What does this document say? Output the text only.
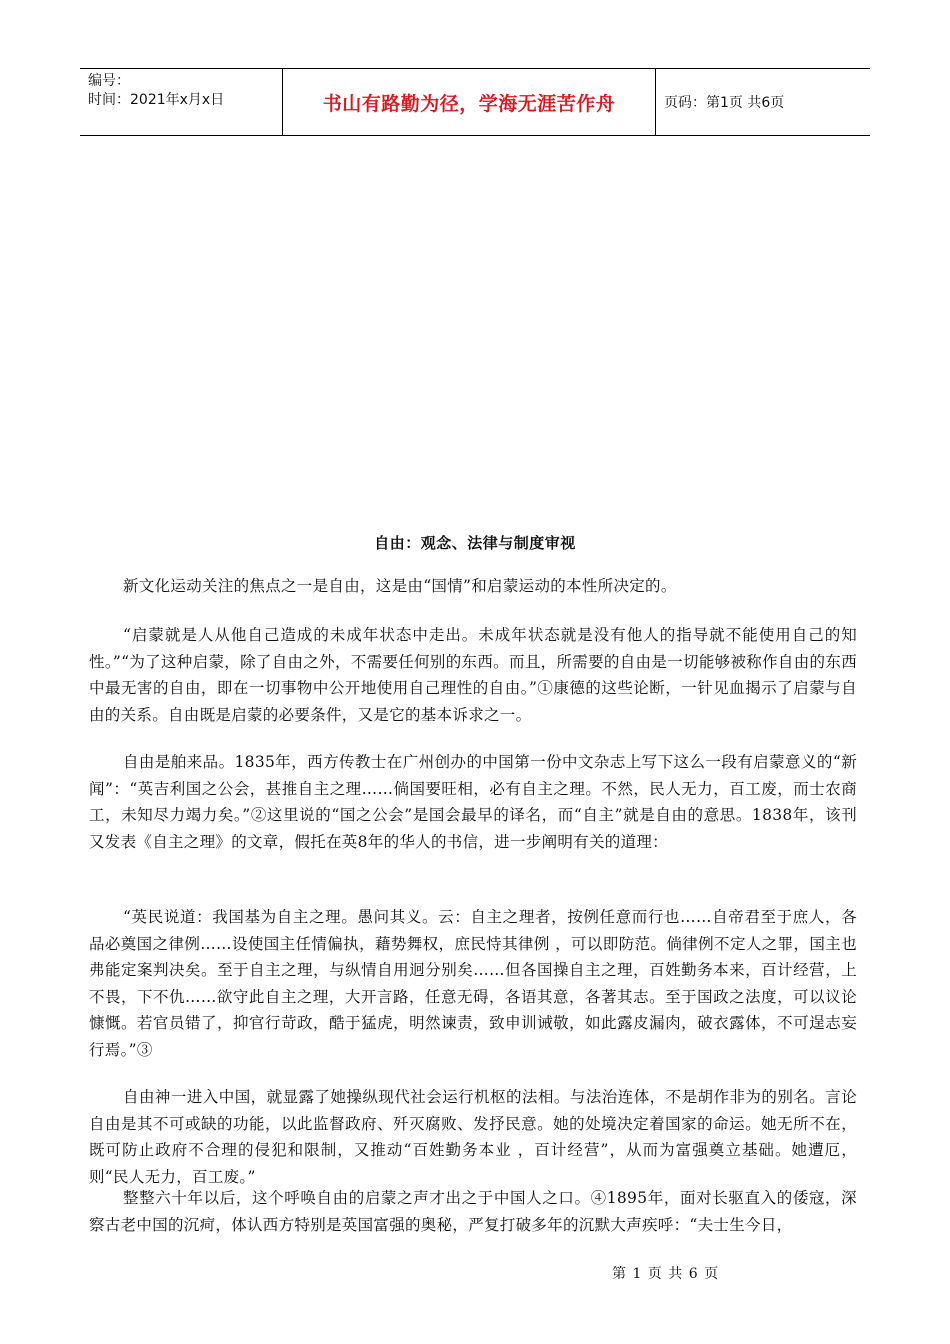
编号：
时间：2021年x月x日	书山有路勤为径，学海无涯苦作舟	页码：第1页 共6页
自由：观念、法律与制度审视

新文化运动关注的焦点之一是自由，这是由“国情”和启蒙运动的本性所决定的。

“启蒙就是人从他自己造成的未成年状态中走出。未成年状态就是没有他人的指导就不能使用自己的知性。”“为了这种启蒙，除了自由之外，不需要任何别的东西。而且，所需要的自由是一切能够被称作自由的东西中最无害的自由，即在一切事物中公开地使用自己理性的自由。”①康德的这些论断，一针见血揭示了启蒙与自由的关系。自由既是启蒙的必要条件，又是它的基本诉求之一。

自由是舶来品。1835年，西方传教士在广州创办的中国第一份中文杂志上写下这么一段有启蒙意义的“新闻”：“英吉利国之公会，甚推自主之理……倘国要旺相，必有自主之理。不然，民人无力，百工废，而士农商工，未知尽力竭力矣。”②这里说的“国之公会”是国会最早的译名，而“自主”就是自由的意思。1838年，该刊又发表《自主之理》的文章，假托在英8年的华人的书信，进一步阐明有关的道理：

“英民说道：我国基为自主之理。愚问其义。云：自主之理者，按例任意而行也……自帝君至于庶人，各品必奠国之律例……设使国主任情偏执，藉势舞权，庶民恃其律例 ，可以即防范。倘律例不定人之罪，国主也弗能定案判决矣。至于自主之理，与纵情自用迥分别矣……但各国操自主之理，百姓勤务本来，百计经营，上不畏，下不仇……欲守此自主之理，大开言路，任意无碍，各语其意，各著其志。至于国政之法度，可以议论慷慨。若官员错了，抑官行苛政，酷于猛虎，明然谏责，致申训诫敬，如此露皮漏肉，破衣露体，不可逞志妄行焉。”③

自由神一进入中国，就显露了她操纵现代社会运行机枢的法相。与法治连体，不是胡作非为的别名。言论自由是其不可或缺的功能，以此监督政府、歼灭腐败、发抒民意。她的处境决定着国家的命运。她无所不在，既可防止政府不合理的侵犯和限制，又推动“百姓勤务本业 ，百计经营”，从而为富强奠立基础。她遭厄，则“民人无力，百工废。”

整整六十年以后，这个呼唤自由的启蒙之声才出之于中国人之口。④1895年，面对长驱直入的倭寇，深察古老中国的沉疴，体认西方特别是英国富强的奥秘，严复打破多年的沉默大声疾呼：“夫士生今日，

第 1 页 共 6 页
